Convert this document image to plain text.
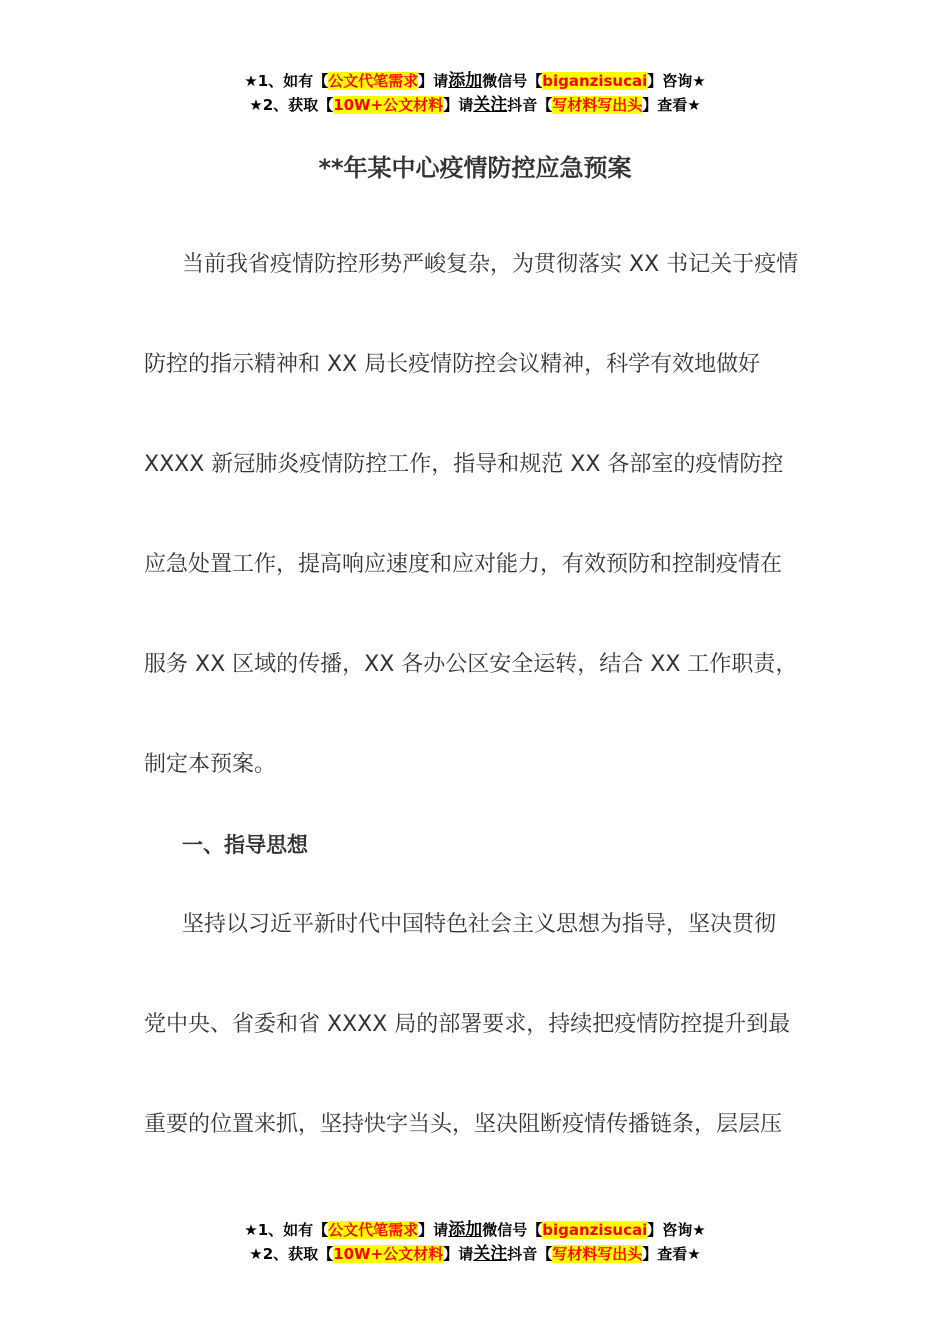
★1、如有【公文代笔需求】请添加微信号【biganzisucai】咨询★
★2、获取【10W+公文材料】请关注抖音【写材料写出头】查看★
**年某中心疫情防控应急预案
当前我省疫情防控形势严峻复杂，为贯彻落实 XX 书记关于疫情
防控的指示精神和 XX 局长疫情防控会议精神，科学有效地做好
XXXX 新冠肺炎疫情防控工作，指导和规范 XX 各部室的疫情防控
应急处置工作，提高响应速度和应对能力，有效预防和控制疫情在
服务 XX 区域的传播，XX 各办公区安全运转，结合 XX 工作职责，
制定本预案。
一、指导思想
坚持以习近平新时代中国特色社会主义思想为指导，坚决贯彻
党中央、省委和省 XXXX 局的部署要求，持续把疫情防控提升到最
重要的位置来抓，坚持快字当头，坚决阻断疫情传播链条，层层压
★1、如有【公文代笔需求】请添加微信号【biganzisucai】咨询★
★2、获取【10W+公文材料】请关注抖音【写材料写出头】查看★
